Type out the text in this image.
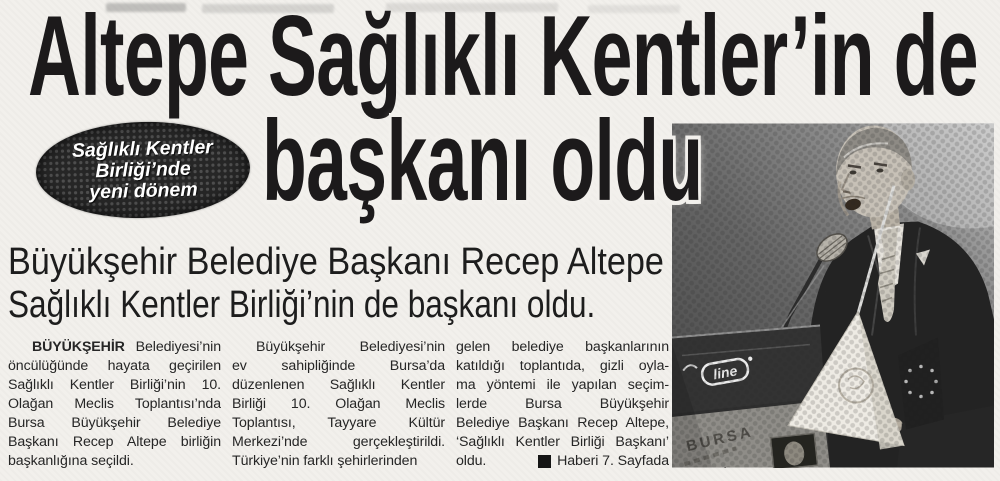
Altepe Sağlıklı Kentler’in de
başkanı oldu
Sağlıklı Kentler
Birliği’nde
yeni dönem
Büyükşehir Belediye Başkanı Recep Altepe
Sağlıklı Kentler Birliği’nin de başkanı oldu.
BÜYÜKŞEHİR Belediyesi’nin
öncülüğünde hayata geçirilen
Sağlıklı Kentler Birliği’nin 10.
Olağan Meclis Toplantısı’nda
Bursa Büyükşehir Belediye
Başkanı Recep Altepe birliğin
başkanlığına seçildi.
Büyükşehir Belediyesi’nin
ev sahipliğinde Bursa’da
düzenlenen Sağlıklı Kentler
Birliği 10. Olağan Meclis
Toplantısı, Tayyare Kültür
Merkezi’nde gerçekleştirildi.
Türkiye’nin farklı şehirlerinden
gelen belediye başkanlarının
katıldığı toplantıda, gizli oyla-
ma yöntemi ile yapılan seçim-
lerde Bursa Büyükşehir
Belediye Başkanı Recep Altepe,
‘Sağlıklı Kentler Birliği Başkanı’
oldu.	Haberi 7. Sayfada
